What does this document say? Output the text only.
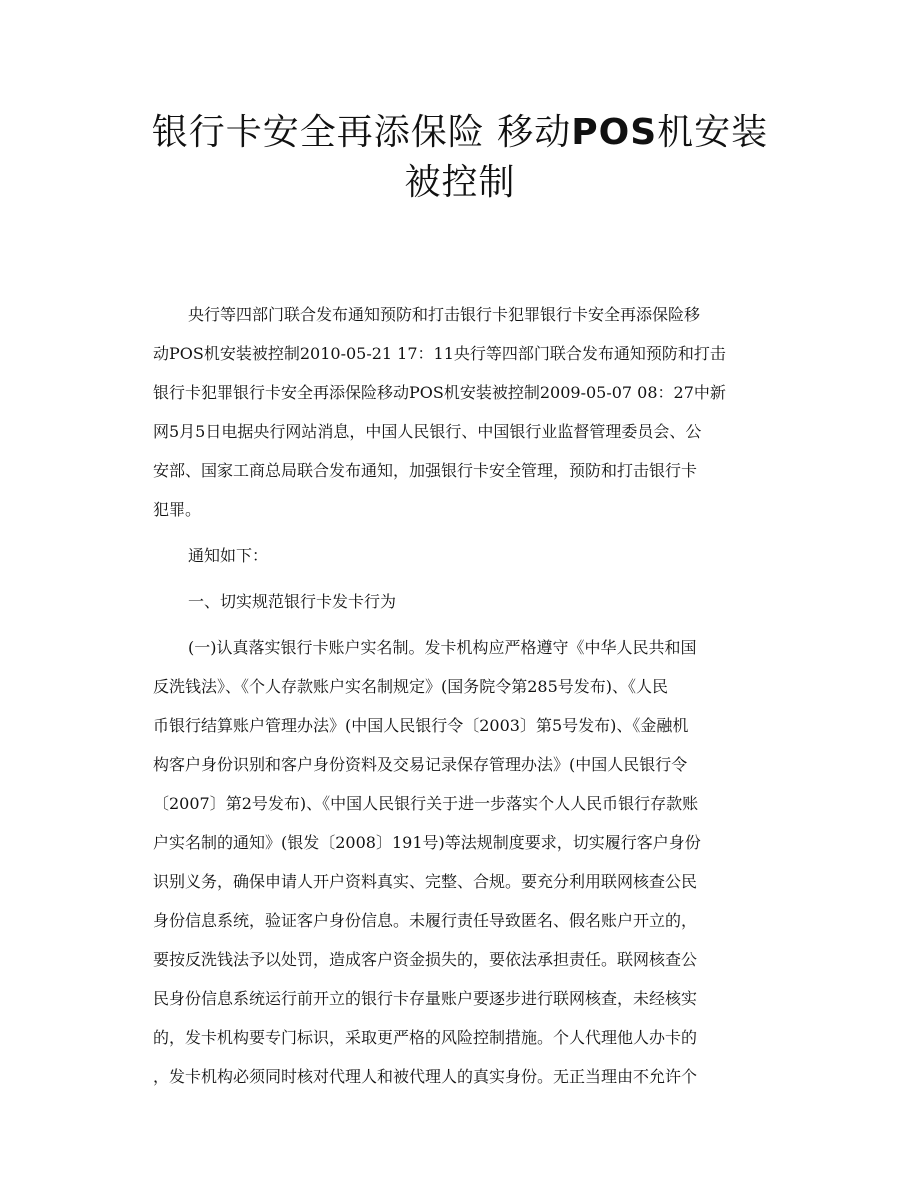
银行卡安全再添保险 移动POS机安装
被控制

央行等四部门联合发布通知预防和打击银行卡犯罪银行卡安全再添保险移

动POS机安装被控制2010-05-21 17：11央行等四部门联合发布通知预防和打击

银行卡犯罪银行卡安全再添保险移动POS机安装被控制2009-05-07 08：27中新

网5月5日电据央行网站消息，中国人民银行、中国银行业监督管理委员会、公

安部、国家工商总局联合发布通知，加强银行卡安全管理，预防和打击银行卡

犯罪。

通知如下：

一、切实规范银行卡发卡行为

(一)认真落实银行卡账户实名制。发卡机构应严格遵守《中华人民共和国

反洗钱法》、《个人存款账户实名制规定》(国务院令第285号发布)、《人民

币银行结算账户管理办法》(中国人民银行令〔2003〕第5号发布)、《金融机

构客户身份识别和客户身份资料及交易记录保存管理办法》(中国人民银行令

〔2007〕第2号发布)、《中国人民银行关于进一步落实个人人民币银行存款账

户实名制的通知》(银发〔2008〕191号)等法规制度要求，切实履行客户身份

识别义务，确保申请人开户资料真实、完整、合规。要充分利用联网核查公民

身份信息系统，验证客户身份信息。未履行责任导致匿名、假名账户开立的，

要按反洗钱法予以处罚，造成客户资金损失的，要依法承担责任。联网核查公

民身份信息系统运行前开立的银行卡存量账户要逐步进行联网核查，未经核实

的，发卡机构要专门标识，采取更严格的风险控制措施。个人代理他人办卡的

，发卡机构必须同时核对代理人和被代理人的真实身份。无正当理由不允许个
